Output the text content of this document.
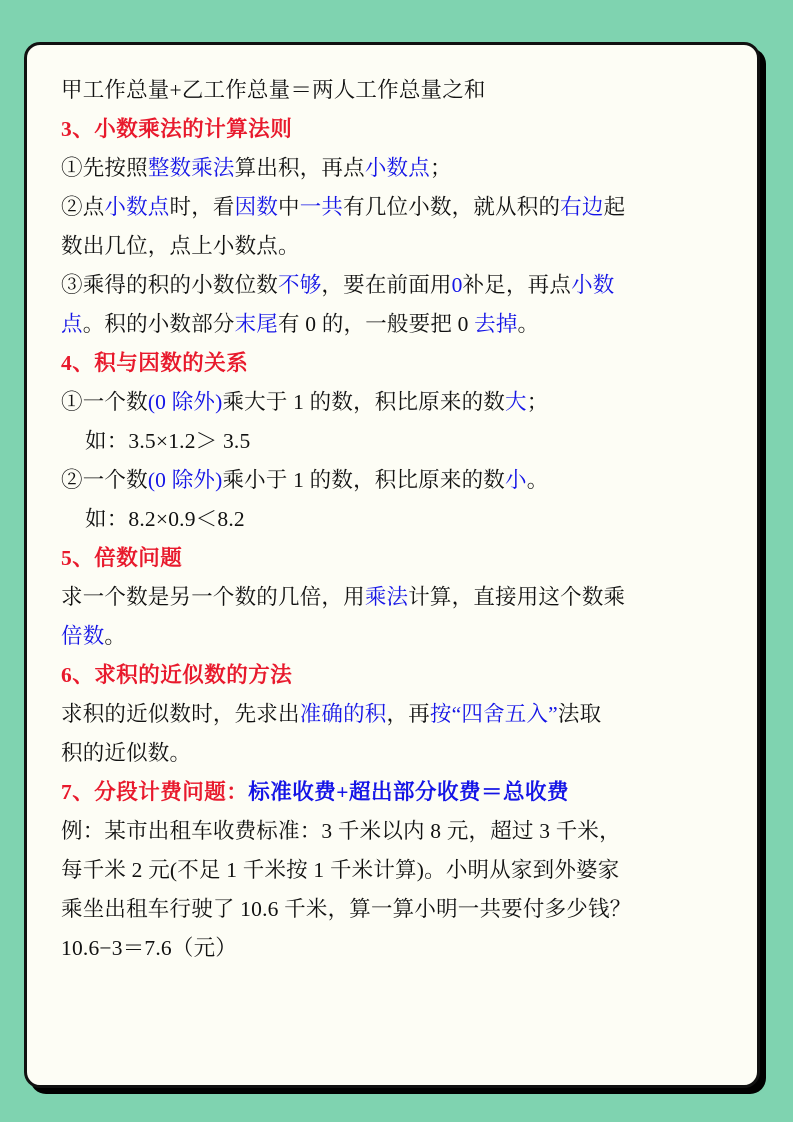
甲工作总量+乙工作总量＝两人工作总量之和

3、小数乘法的计算法则

①先按照整数乘法算出积，再点小数点；

②点小数点时，看因数中一共有几位小数，就从积的右边起

数出几位，点上小数点。

③乘得的积的小数位数不够，要在前面用0补足，再点小数

点。积的小数部分末尾有 0 的，一般要把 0 去掉。

4、积与因数的关系

①一个数(0 除外)乘大于 1 的数，积比原来的数大；

如：3.5×1.2＞ 3.5

②一个数(0 除外)乘小于 1 的数，积比原来的数小。

如：8.2×0.9＜8.2

5、倍数问题

求一个数是另一个数的几倍，用乘法计算，直接用这个数乘

倍数。

6、求积的近似数的方法

求积的近似数时，先求出准确的积，再按“四舍五入”法取

积的近似数。

7、分段计费问题：标准收费+超出部分收费＝总收费

例：某市出租车收费标准：3 千米以内 8 元，超过 3 千米，

每千米 2 元(不足 1 千米按 1 千米计算)。小明从家到外婆家

乘坐出租车行驶了 10.6 千米，算一算小明一共要付多少钱？

10.6−3＝7.6（元）
